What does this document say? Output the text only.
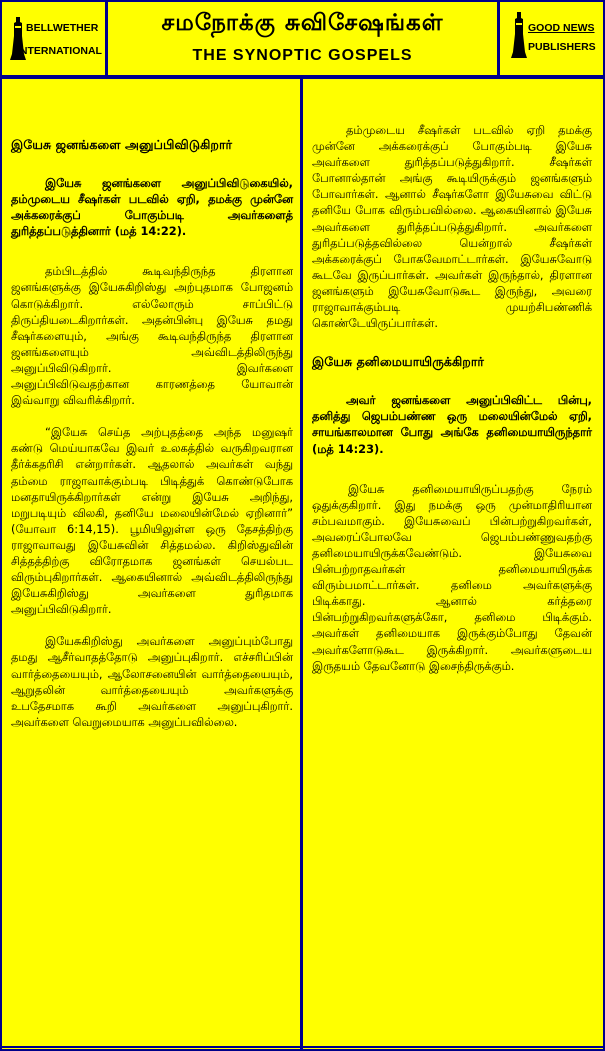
BELLWETHER
INTERNATIONAL
சமநோக்கு சுவிசேஷங்கள்
THE SYNOPTIC GOSPELS
GOOD NEWS
PUBLISHERS
இயேசு ஜனங்களை அனுப்பிவிடுகிறார்

இயேசு ஜனங்களை அனுப்பிவிடுகையில், தம்முடைய சீஷர்கள் படவில் ஏறி, தமக்கு முன்னே அக்கரைக்குப் போகும்படி அவர்களைத் துரித்தப்படுத்தினார் (மத் 14:22).

தம்பிடத்தில் கூடிவந்திருந்த திரளான ஜனங்களுக்கு இயேசுகிறிஸ்து அற்புதமாக போஜனம் கொடுக்கிறார். எல்லோரும் சாப்பிட்டு திருப்தியடைகிறார்கள். அதன்பின்பு இயேசு தமது சீஷர்களையும், அங்கு கூடிவந்திருந்த திரளான ஜனங்களையும் அவ்விடத்திலிருந்து அனுப்பிவிடுகிறார். இவர்களை அனுப்பிவிடுவதற்கான காரணத்தை யோவான் இவ்வாறு விவரிக்கிறார்.

“இயேசு செய்த அற்புதத்தை அந்த மனுஷர் கண்டு மெய்யாகவே இவர் உலகத்தில் வருகிறவரான தீர்க்கதரிசி என்றார்கள். ஆதலால் அவர்கள் வந்து தம்மை ராஜாவாக்கும்படி பிடித்துக் கொண்டுபோக மனதாயிருக்கிறார்கள் என்று இயேசு அறிந்து, மறுபடியும் விலகி, தனியே மலையின்மேல் ஏறினார்” (யோவா 6:14,15). பூமியிலுள்ள ஒரு தேசத்திற்கு ராஜாவாவது இயேசுவின் சித்தமல்ல. கிறிஸ்துவின் சித்தத்திற்கு விரோதமாக ஜனங்கள் செயல்பட விரும்புகிறார்கள். ஆகையினால் அவ்விடத்திலிருந்து இயேசுகிறிஸ்து அவர்களை துரிதமாக அனுப்பிவிடுகிறார்.

இயேசுகிறிஸ்து அவர்களை அனுப்பும்போது தமது ஆசீர்வாதத்தோடு அனுப்புகிறார். எச்சரிப்பின் வார்த்தையையும், ஆலோசனையின் வார்த்தையையும், ஆறுதலின் வார்த்தையையும் அவர்களுக்கு உபதேசமாக கூறி அவர்களை அனுப்புகிறார். அவர்களை வெறுமையாக அனுப்பவில்லை.

தம்முடைய சீஷர்கள் படவில் ஏறி தமக்கு முன்னே அக்கரைக்குப் போகும்படி இயேசு அவர்களை துரித்தப்படுத்துகிறார். சீஷர்கள் போனால்தான் அங்கு கூடியிருக்கும் ஜனங்களும் போவார்கள். ஆனால் சீஷர்களோ இயேசுவை விட்டு தனியே போக விரும்பவில்லை. ஆகையினால் இயேசு அவர்களை துரித்தப்படுத்துகிறார். அவர்களை துரிதப்படுத்தவில்லை யென்றால் சீஷர்கள் அக்கரைக்குப் போகவேமாட்டார்கள். இயேசுவோடு கூடவே இருப்பார்கள். அவர்கள் இருந்தால், திரளான ஜனங்களும் இயேசுவோடுகூட இருந்து, அவரை ராஜாவாக்கும்படி முயற்சிபண்ணிக் கொண்டேயிருப்பார்கள்.

இயேசு தனிமையாயிருக்கிறார்

அவர் ஜனங்களை அனுப்பிவிட்ட பின்பு, தனித்து ஜெபம்பண்ண ஒரு மலையின்மேல் ஏறி, சாயங்காலமான போது அங்கே தனிமையாயிருந்தார் (மத் 14:23).

இயேசு தனிமையாயிருப்பதற்கு நேரம் ஒதுக்குகிறார். இது நமக்கு ஒரு முன்மாதிரியான சம்பவமாகும். இயேசுவைப் பின்பற்றுகிறவர்கள், அவரைப்போலவே ஜெபம்பண்ணுவதற்கு தனிமையாயிருக்கவேண்டும். இயேசுவை பின்பற்றாதவர்கள் தனிமையாயிருக்க விரும்பமாட்டார்கள். தனிமை அவர்களுக்கு பிடிக்காது. ஆனால் கர்த்தரை பின்பற்றுகிறவர்களுக்கோ, தனிமை பிடிக்கும். அவர்கள் தனிமையாக இருக்கும்போது தேவன் அவர்களோடுகூட இருக்கிறார். அவர்களுடைய இருதயம் தேவனோடு இசைந்திருக்கும்.
